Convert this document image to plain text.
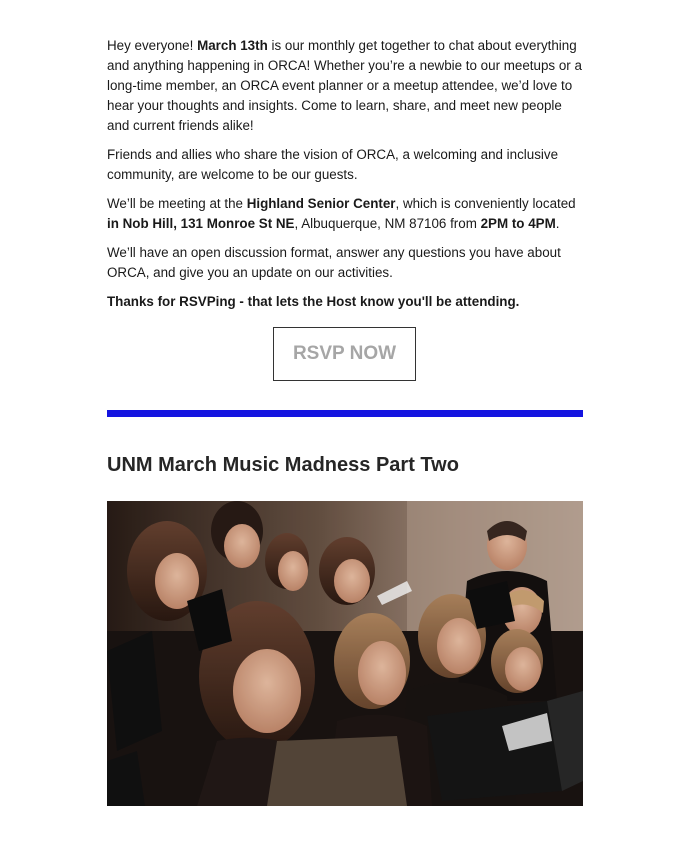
Hey everyone! March 13th is our monthly get together to chat about everything and anything happening in ORCA! Whether you’re a newbie to our meetups or a long-time member, an ORCA event planner or a meetup attendee, we’d love to hear your thoughts and insights. Come to learn, share, and meet new people and current friends alike!

Friends and allies who share the vision of ORCA, a welcoming and inclusive community, are welcome to be our guests.

We’ll be meeting at the Highland Senior Center, which is conveniently located in Nob Hill, 131 Monroe St NE, Albuquerque, NM 87106 from 2PM to 4PM.

We’ll have an open discussion format, answer any questions you have about ORCA, and give you an update on our activities.

Thanks for RSVPing - that lets the Host know you'll be attending.

RSVP NOW
UNM March Music Madness Part Two
